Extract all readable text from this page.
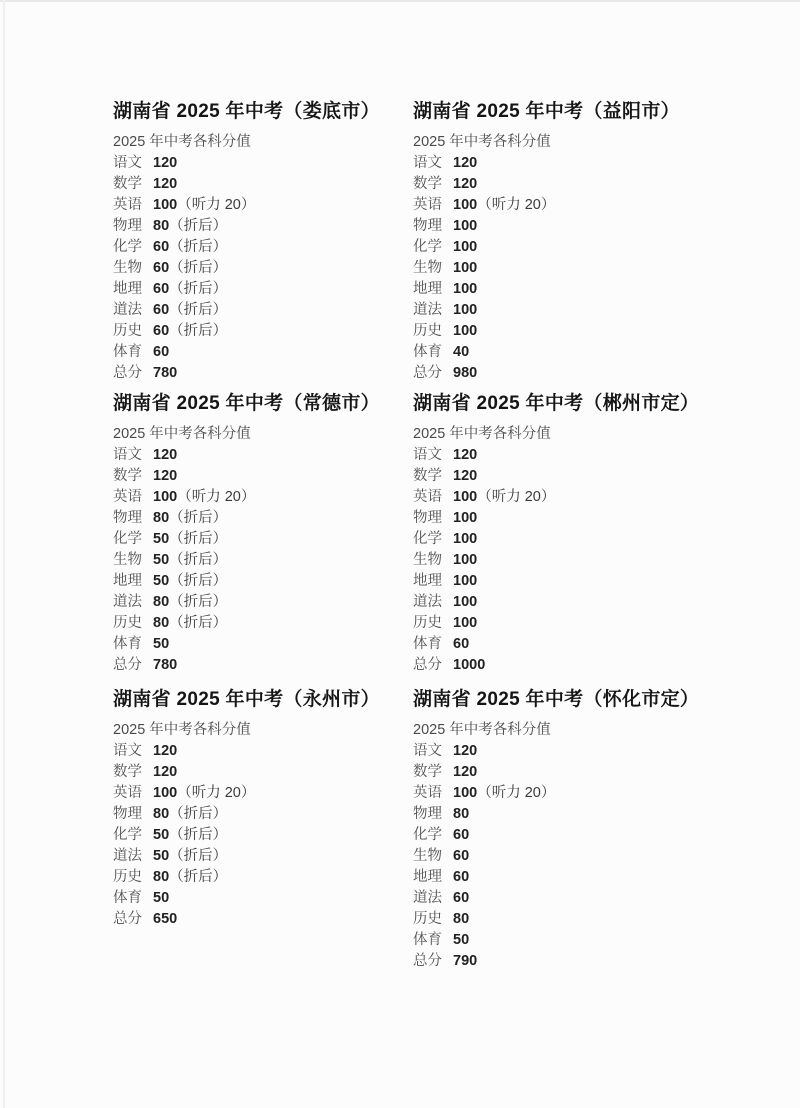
湖南省 2025 年中考（娄底市）
2025 年中考各科分值
语文 120
数学 120
英语 100（听力 20）
物理 80（折后）
化学 60（折后）
生物 60（折后）
地理 60（折后）
道法 60（折后）
历史 60（折后）
体育 60
总分 780
湖南省 2025 年中考（益阳市）
2025 年中考各科分值
语文 120
数学 120
英语 100（听力 20）
物理 100
化学 100
生物 100
地理 100
道法 100
历史 100
体育 40
总分 980
湖南省 2025 年中考（常德市）
2025 年中考各科分值
语文 120
数学 120
英语 100（听力 20）
物理 80（折后）
化学 50（折后）
生物 50（折后）
地理 50（折后）
道法 80（折后）
历史 80（折后）
体育 50
总分 780
湖南省 2025 年中考（郴州市定）
2025 年中考各科分值
语文 120
数学 120
英语 100（听力 20）
物理 100
化学 100
生物 100
地理 100
道法 100
历史 100
体育 60
总分 1000
湖南省 2025 年中考（永州市）
2025 年中考各科分值
语文 120
数学 120
英语 100（听力 20）
物理 80（折后）
化学 50（折后）
道法 50（折后）
历史 80（折后）
体育 50
总分 650
湖南省 2025 年中考（怀化市定）
2025 年中考各科分值
语文 120
数学 120
英语 100（听力 20）
物理 80
化学 60
生物 60
地理 60
道法 60
历史 80
体育 50
总分 790
